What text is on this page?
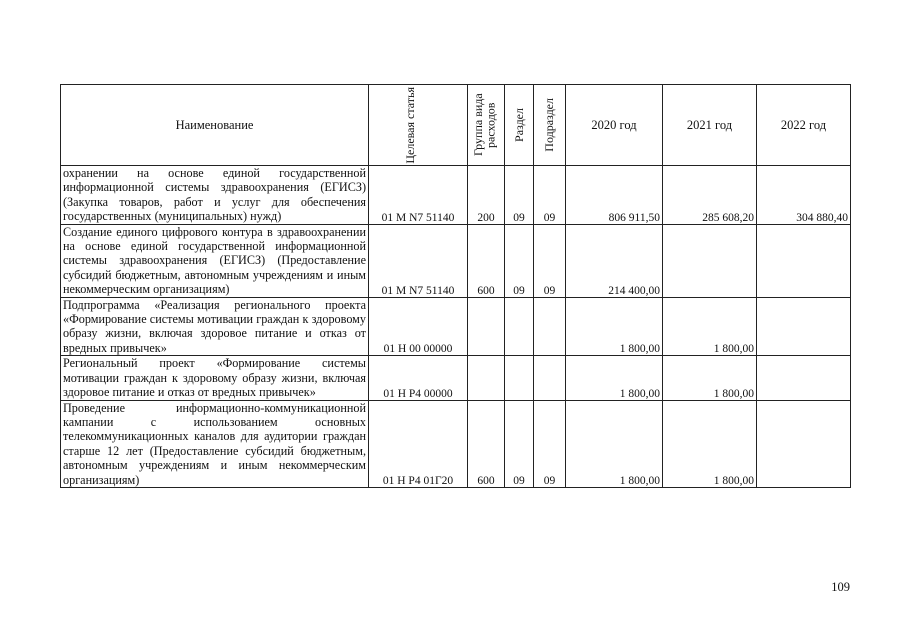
Наименование	Целевая статья	Группа вида расходов	Раздел	Подраздел	2020 год	2021 год	2022 год
охранении на основе единой государственной информационной системы здравоохранения (ЕГИСЗ) (Закупка товаров, работ и услуг для обеспечения государственных (муниципальных) нужд)	01 M N7 51140	200	09	09	806 911,50	285 608,20	304 880,40
Создание единого цифрового контура в здравоохранении на основе единой государственной информационной системы здравоохранения (ЕГИСЗ) (Предоставление субсидий бюджетным, автономным учреждениям и иным некоммерческим организациям)	01 M N7 51140	600	09	09	214 400,00		
Подпрограмма «Реализация регионального проекта «Формирование системы мотивации граждан к здоровому образу жизни, включая здоровое питание и отказ от вредных привычек»	01 Н 00 00000				1 800,00	1 800,00	
Региональный проект «Формирование системы мотивации граждан к здоровому образу жизни, включая здоровое питание и отказ от вредных привычек»	01 Н Р4 00000				1 800,00	1 800,00	
Проведение информационно-коммуникационной кампании с использованием основных телекоммуникационных каналов для аудитории граждан старше 12 лет (Предоставление субсидий бюджетным, автономным учреждениям и иным некоммерческим организациям)	01 Н Р4 01Г20	600	09	09	1 800,00	1 800,00	
109
